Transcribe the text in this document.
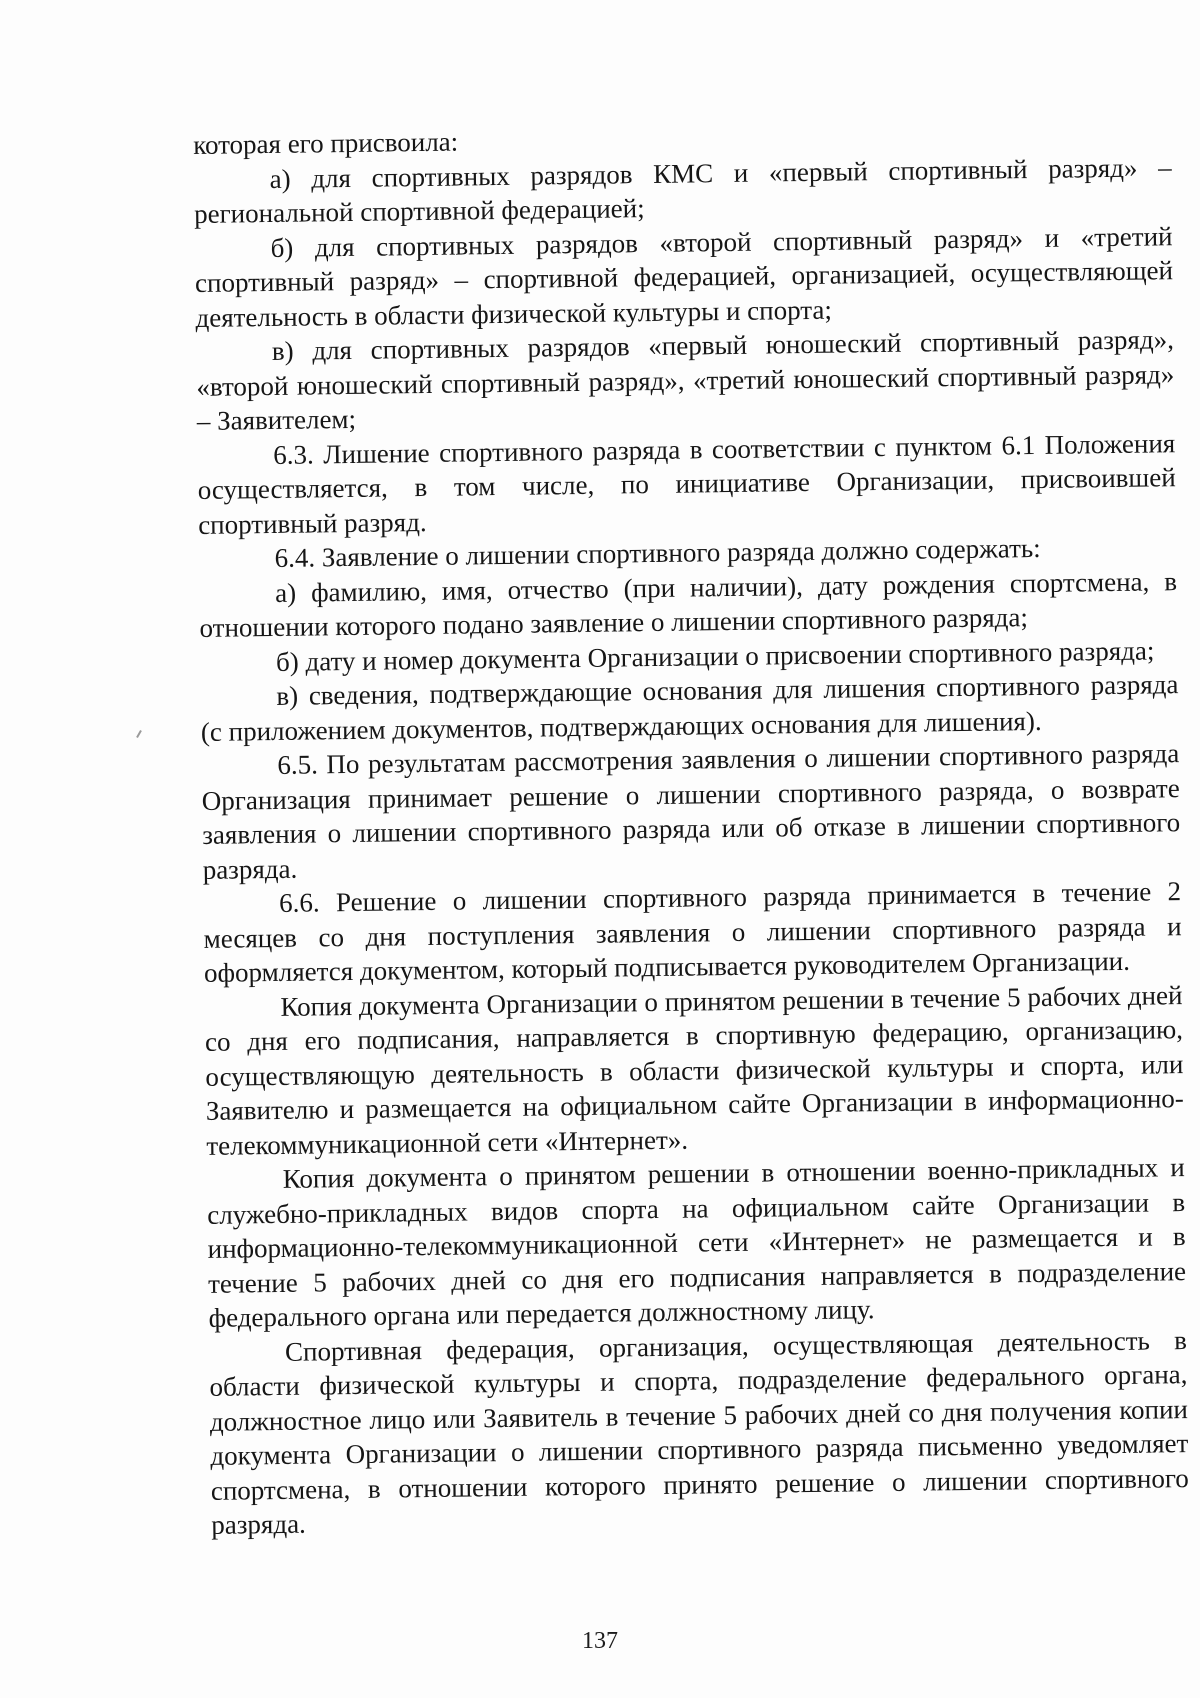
которая его присвоила:

а) для спортивных разрядов КМС и «первый спортивный разряд» – региональной спортивной федерацией;

б) для спортивных разрядов «второй спортивный разряд» и «третий спортивный разряд» – спортивной федерацией, организацией, осуществляющей деятельность в области физической культуры и спорта;

в) для спортивных разрядов «первый юношеский спортивный разряд», «второй юношеский спортивный разряд», «третий юношеский спортивный разряд» – Заявителем;

6.3. Лишение спортивного разряда в соответствии с пунктом 6.1 Положения осуществляется, в том числе, по инициативе Организации, присвоившей спортивный разряд.

6.4. Заявление о лишении спортивного разряда должно содержать:

а) фамилию, имя, отчество (при наличии), дату рождения спортсмена, в отношении которого подано заявление о лишении спортивного разряда;

б) дату и номер документа Организации о присвоении спортивного разряда;

в) сведения, подтверждающие основания для лишения спортивного разряда (с приложением документов, подтверждающих основания для лишения).

6.5. По результатам рассмотрения заявления о лишении спортивного разряда Организация принимает решение о лишении спортивного разряда, о возврате заявления о лишении спортивного разряда или об отказе в лишении спортивного разряда.

6.6. Решение о лишении спортивного разряда принимается в течение 2 месяцев со дня поступления заявления о лишении спортивного разряда и оформляется документом, который подписывается руководителем Организации.

Копия документа Организации о принятом решении в течение 5 рабочих дней со дня его подписания, направляется в спортивную федерацию, организацию, осуществляющую деятельность в области физической культуры и спорта, или Заявителю и размещается на официальном сайте Организации в информационно-телекоммуникационной сети «Интернет».

Копия документа о принятом решении в отношении военно-прикладных и служебно-прикладных видов спорта на официальном сайте Организации в информационно-телекоммуникационной сети «Интернет» не размещается и в течение 5 рабочих дней со дня его подписания направляется в подразделение федерального органа или передается должностному лицу.

Спортивная федерация, организация, осуществляющая деятельность в области физической культуры и спорта, подразделение федерального органа, должностное лицо или Заявитель в течение 5 рабочих дней со дня получения копии документа Организации о лишении спортивного разряда письменно уведомляет спортсмена, в отношении которого принято решение о лишении спортивного разряда.

137
